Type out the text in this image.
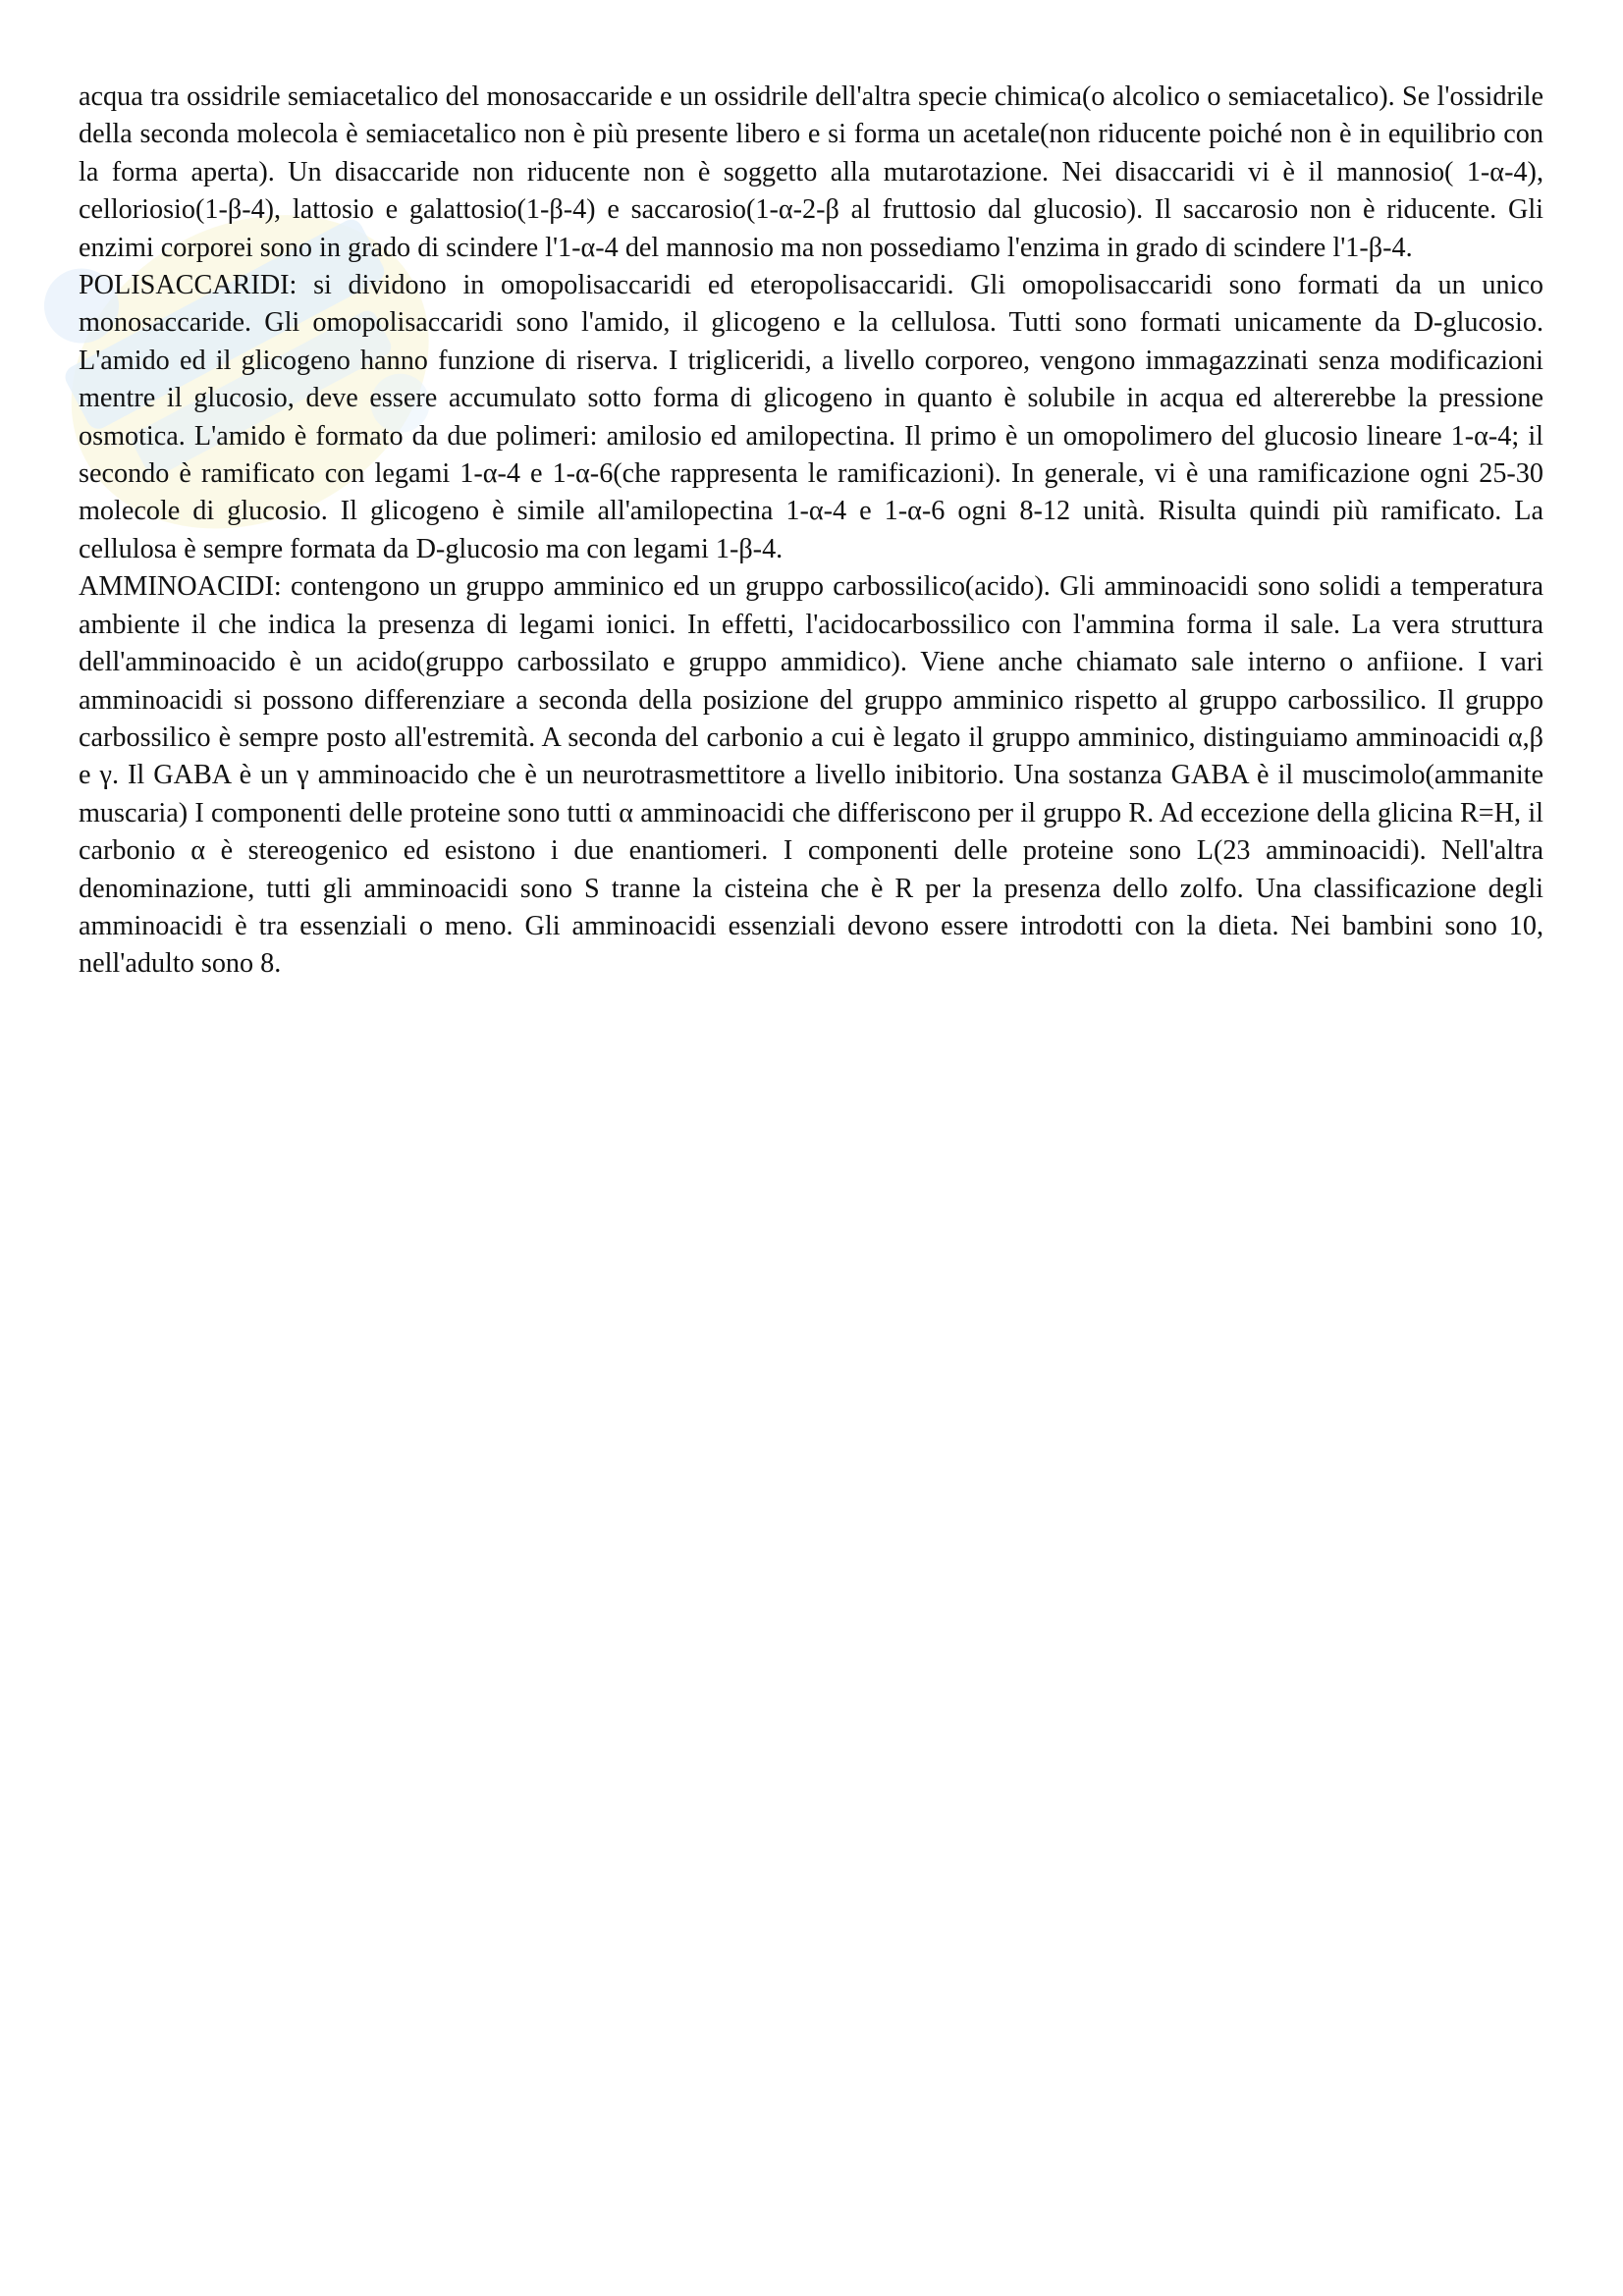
acqua tra ossidrile semiacetalico del monosaccaride e un ossidrile dell'altra specie chimica(o alcolico o semiacetalico). Se l'ossidrile della seconda molecola è semiacetalico non è più presente libero e si forma un acetale(non riducente poiché non è in equilibrio con la forma aperta). Un disaccaride non riducente non è soggetto alla mutarotazione. Nei disaccaridi vi è il mannosio( 1-α-4), celloriosio(1-β-4), lattosio e galattosio(1-β-4) e saccarosio(1-α-2-β al fruttosio dal glucosio). Il saccarosio non è riducente. Gli enzimi corporei sono in grado di scindere l'1-α-4 del mannosio ma non possediamo l'enzima in grado di scindere l'1-β-4.

POLISACCARIDI: si dividono in omopolisaccaridi ed eteropolisaccaridi. Gli omopolisaccaridi sono formati da un unico monosaccaride. Gli omopolisaccaridi sono l'amido, il glicogeno e la cellulosa. Tutti sono formati unicamente da D-glucosio. L'amido ed il glicogeno hanno funzione di riserva. I trigliceridi, a livello corporeo, vengono immagazzinati senza modificazioni mentre il glucosio, deve essere accumulato sotto forma di glicogeno in quanto è solubile in acqua ed altererebbe la pressione osmotica. L'amido è formato da due polimeri: amilosio ed amilopectina. Il primo è un omopolimero del glucosio lineare 1-α-4; il secondo è ramificato con legami 1-α-4 e 1-α-6(che rappresenta le ramificazioni). In generale, vi è una ramificazione ogni 25-30 molecole di glucosio. Il glicogeno è simile all'amilopectina 1-α-4 e 1-α-6 ogni 8-12 unità. Risulta quindi più ramificato. La cellulosa è sempre formata da D-glucosio ma con legami 1-β-4.

AMMINOACIDI: contengono un gruppo amminico ed un gruppo carbossilico(acido). Gli amminoacidi sono solidi a temperatura ambiente il che indica la presenza di legami ionici. In effetti, l'acidocarbossilico con l'ammina forma il sale. La vera struttura dell'amminoacido è un acido(gruppo carbossilato e gruppo ammidico). Viene anche chiamato sale interno o anfiione. I vari amminoacidi si possono differenziare a seconda della posizione del gruppo amminico rispetto al gruppo carbossilico. Il gruppo carbossilico è sempre posto all'estremità. A seconda del carbonio a cui è legato il gruppo amminico, distinguiamo amminoacidi α,β e γ. Il GABA è un γ amminoacido che è un neurotrasmettitore a livello inibitorio. Una sostanza GABA è il muscimolo(ammanite muscaria) I componenti delle proteine sono tutti α amminoacidi che differiscono per il gruppo R. Ad eccezione della glicina R=H, il carbonio α è stereogenico ed esistono i due enantiomeri. I componenti delle proteine sono L(23 amminoacidi). Nell'altra denominazione, tutti gli amminoacidi sono S tranne la cisteina che è R per la presenza dello zolfo. Una classificazione degli amminoacidi è tra essenziali o meno. Gli amminoacidi essenziali devono essere introdotti con la dieta. Nei bambini sono 10, nell'adulto sono 8.
